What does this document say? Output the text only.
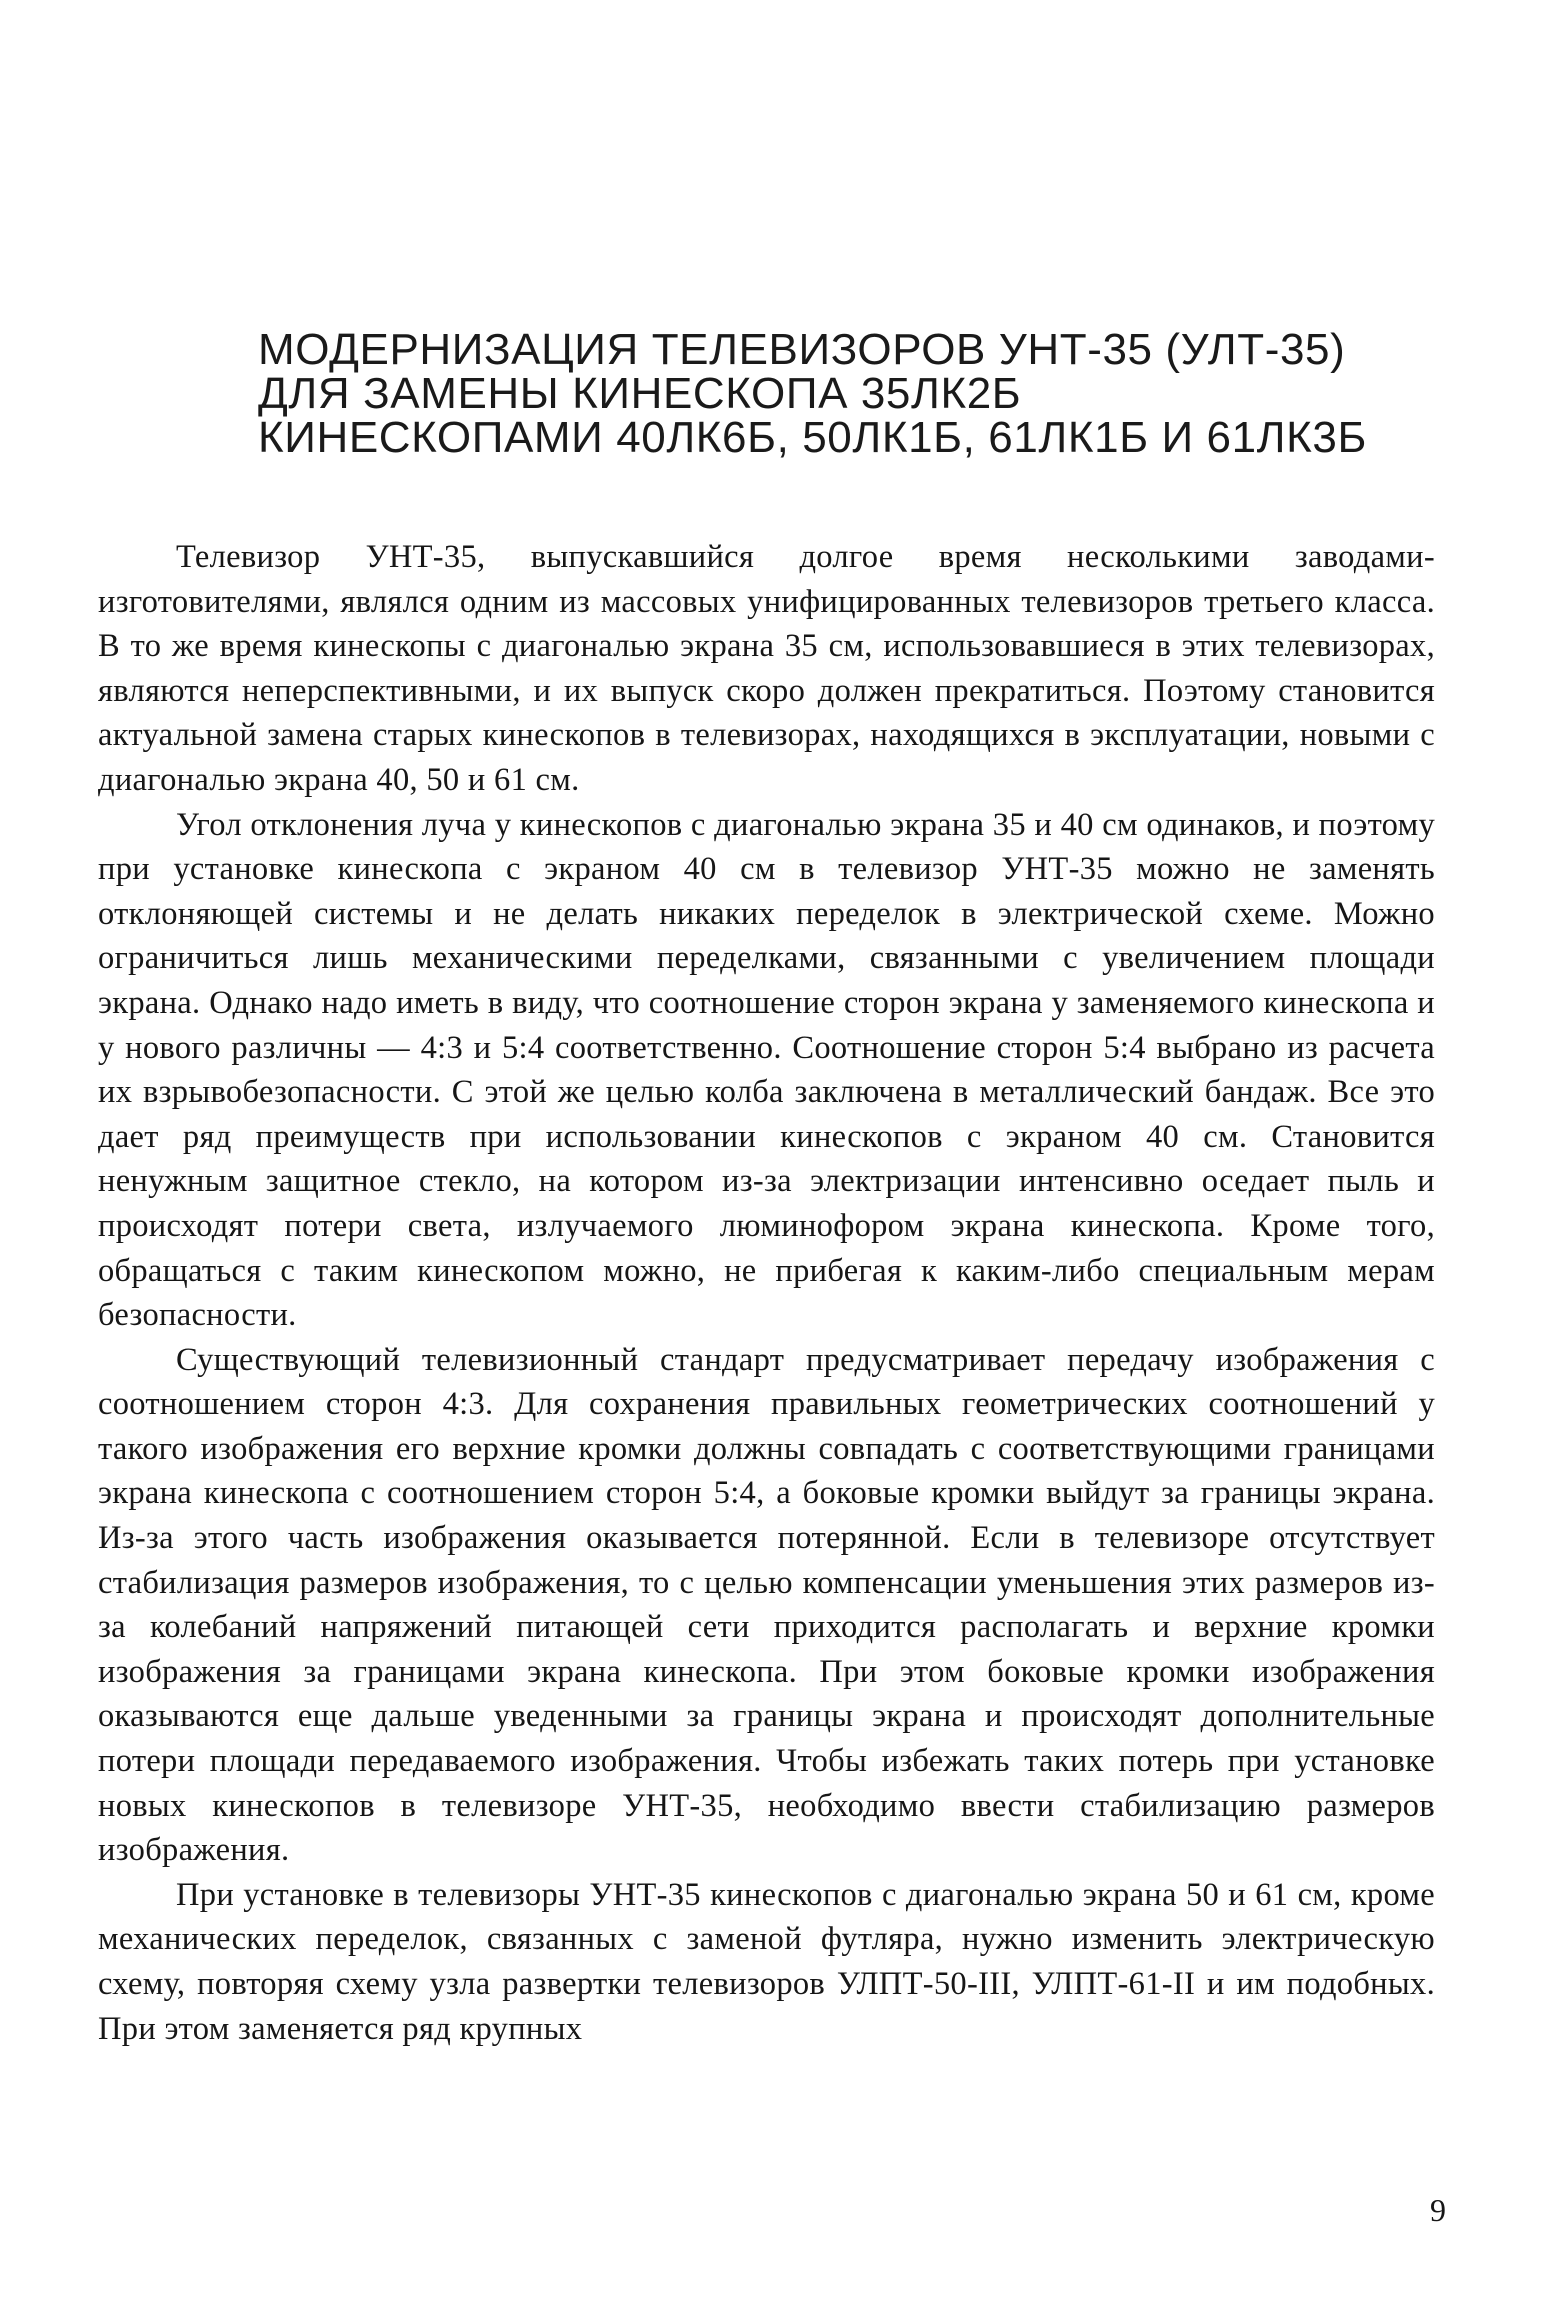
МОДЕРНИЗАЦИЯ ТЕЛЕВИЗОРОВ УНТ-35 (УЛТ-35)
ДЛЯ ЗАМЕНЫ КИНЕСКОПА 35ЛК2Б
КИНЕСКОПАМИ 40ЛК6Б, 50ЛК1Б, 61ЛК1Б И 61ЛК3Б

Телевизор УНТ-35, выпускавшийся долгое время несколькими заводами-изготовителями, являлся одним из массовых унифицированных телевизоров третьего класса. В то же время кинескопы с диагональю экрана 35 см, использовавшиеся в этих телевизорах, являются неперспективными, и их выпуск скоро должен прекратиться. Поэтому становится актуальной замена старых кинескопов в телевизорах, находящихся в эксплуатации, новыми с диагональю экрана 40, 50 и 61 см.

Угол отклонения луча у кинескопов с диагональю экрана 35 и 40 см одинаков, и поэтому при установке кинескопа с экраном 40 см в телевизор УНТ-35 можно не заменять отклоняющей системы и не делать никаких переделок в электрической схеме. Можно ограничиться лишь механическими переделками, связанными с увеличением площади экрана. Однако надо иметь в виду, что соотношение сторон экрана у заменяемого кинескопа и у нового различны — 4:3 и 5:4 соответственно. Соотношение сторон 5:4 выбрано из расчета их взрывобезопасности. С этой же целью колба заключена в металлический бандаж. Все это дает ряд преимуществ при использовании кинескопов с экраном 40 см. Становится ненужным защитное стекло, на котором из-за электризации интенсивно оседает пыль и происходят потери света, излучаемого люминофором экрана кинескопа. Кроме того, обращаться с таким кинескопом можно, не прибегая к каким-либо специальным мерам безопасности.

Существующий телевизионный стандарт предусматривает передачу изображения с соотношением сторон 4:3. Для сохранения правильных геометрических соотношений у такого изображения его верхние кромки должны совпадать с соответствующими границами экрана кинескопа с соотношением сторон 5:4, а боковые кромки выйдут за границы экрана. Из-за этого часть изображения оказывается потерянной. Если в телевизоре отсутствует стабилизация размеров изображения, то с целью компенсации уменьшения этих размеров из-за колебаний напряжений питающей сети приходится располагать и верхние кромки изображения за границами экрана кинескопа. При этом боковые кромки изображения оказываются еще дальше уведенными за границы экрана и происходят дополнительные потери площади передаваемого изображения. Чтобы избежать таких потерь при установке новых кинескопов в телевизоре УНТ-35, необходимо ввести стабилизацию размеров изображения.

При установке в телевизоры УНТ-35 кинескопов с диагональю экрана 50 и 61 см, кроме механических переделок, связанных с заменой футляра, нужно изменить электрическую схему, повторяя схему узла развертки телевизоров УЛПТ-50-III, УЛПТ-61-II и им подобных. При этом заменяется ряд крупных

9
